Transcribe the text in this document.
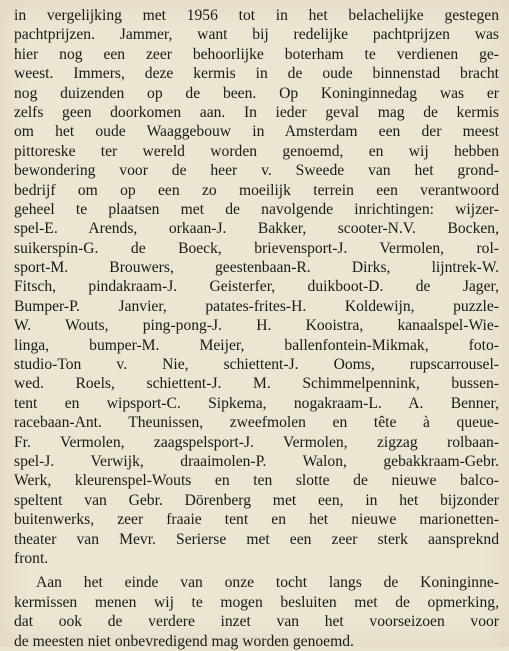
in vergelijking met 1956 tot in het belachelijke gestegen
pachtprijzen. Jammer, want bij redelijke pachtprijzen was
hier nog een zeer behoorlijke boterham te verdienen ge-
weest. Immers, deze kermis in de oude binnenstad bracht
nog duizenden op de been. Op Koninginnedag was er
zelfs geen doorkomen aan. In ieder geval mag de kermis
om het oude Waaggebouw in Amsterdam een der meest
pittoreske ter wereld worden genoemd, en wij hebben
bewondering voor de heer v. Sweede van het grond-
bedrijf om op een zo moeilijk terrein een verantwoord
geheel te plaatsen met de navolgende inrichtingen: wijzer-
spel-E. Arends, orkaan-J. Bakker, scooter-N.V. Bocken,
suikerspin-G. de Boeck, brievensport-J. Vermolen, rol-
sport-M. Brouwers, geestenbaan-R. Dirks, lijntrek-W.
Fitsch, pindakraam-J. Geisterfer, duikboot-D. de Jager,
Bumper-P. Janvier, patates-frites-H. Koldewijn, puzzle-
W. Wouts, ping-pong-J. H. Kooistra, kanaalspel-Wie-
linga, bumper-M. Meijer, ballenfontein-Mikmak, foto-
studio-Ton v. Nie, schiettent-J. Ooms, rupscarrousel-
wed. Roels, schiettent-J. M. Schimmelpennink, bussen-
tent en wipsport-C. Sipkema, nogakraam-L. A. Benner,
racebaan-Ant. Theunissen, zweefmolen en tête à queue-
Fr. Vermolen, zaagspelsport-J. Vermolen, zigzag rolbaan-
spel-J. Verwijk, draaimolen-P. Walon, gebakkraam-Gebr.
Werk, kleurenspel-Wouts en ten slotte de nieuwe balco-
speltent van Gebr. Dörenberg met een, in het bijzonder
buitenwerks, zeer fraaie tent en het nieuwe marionetten-
theater van Mevr. Serierse met een zeer sterk aanspreknd
front.
Aan het einde van onze tocht langs de Koninginne-
kermissen menen wij te mogen besluiten met de opmerking,
dat ook de verdere inzet van het voorseizoen voor
de meesten niet onbevredigend mag worden genoemd.
